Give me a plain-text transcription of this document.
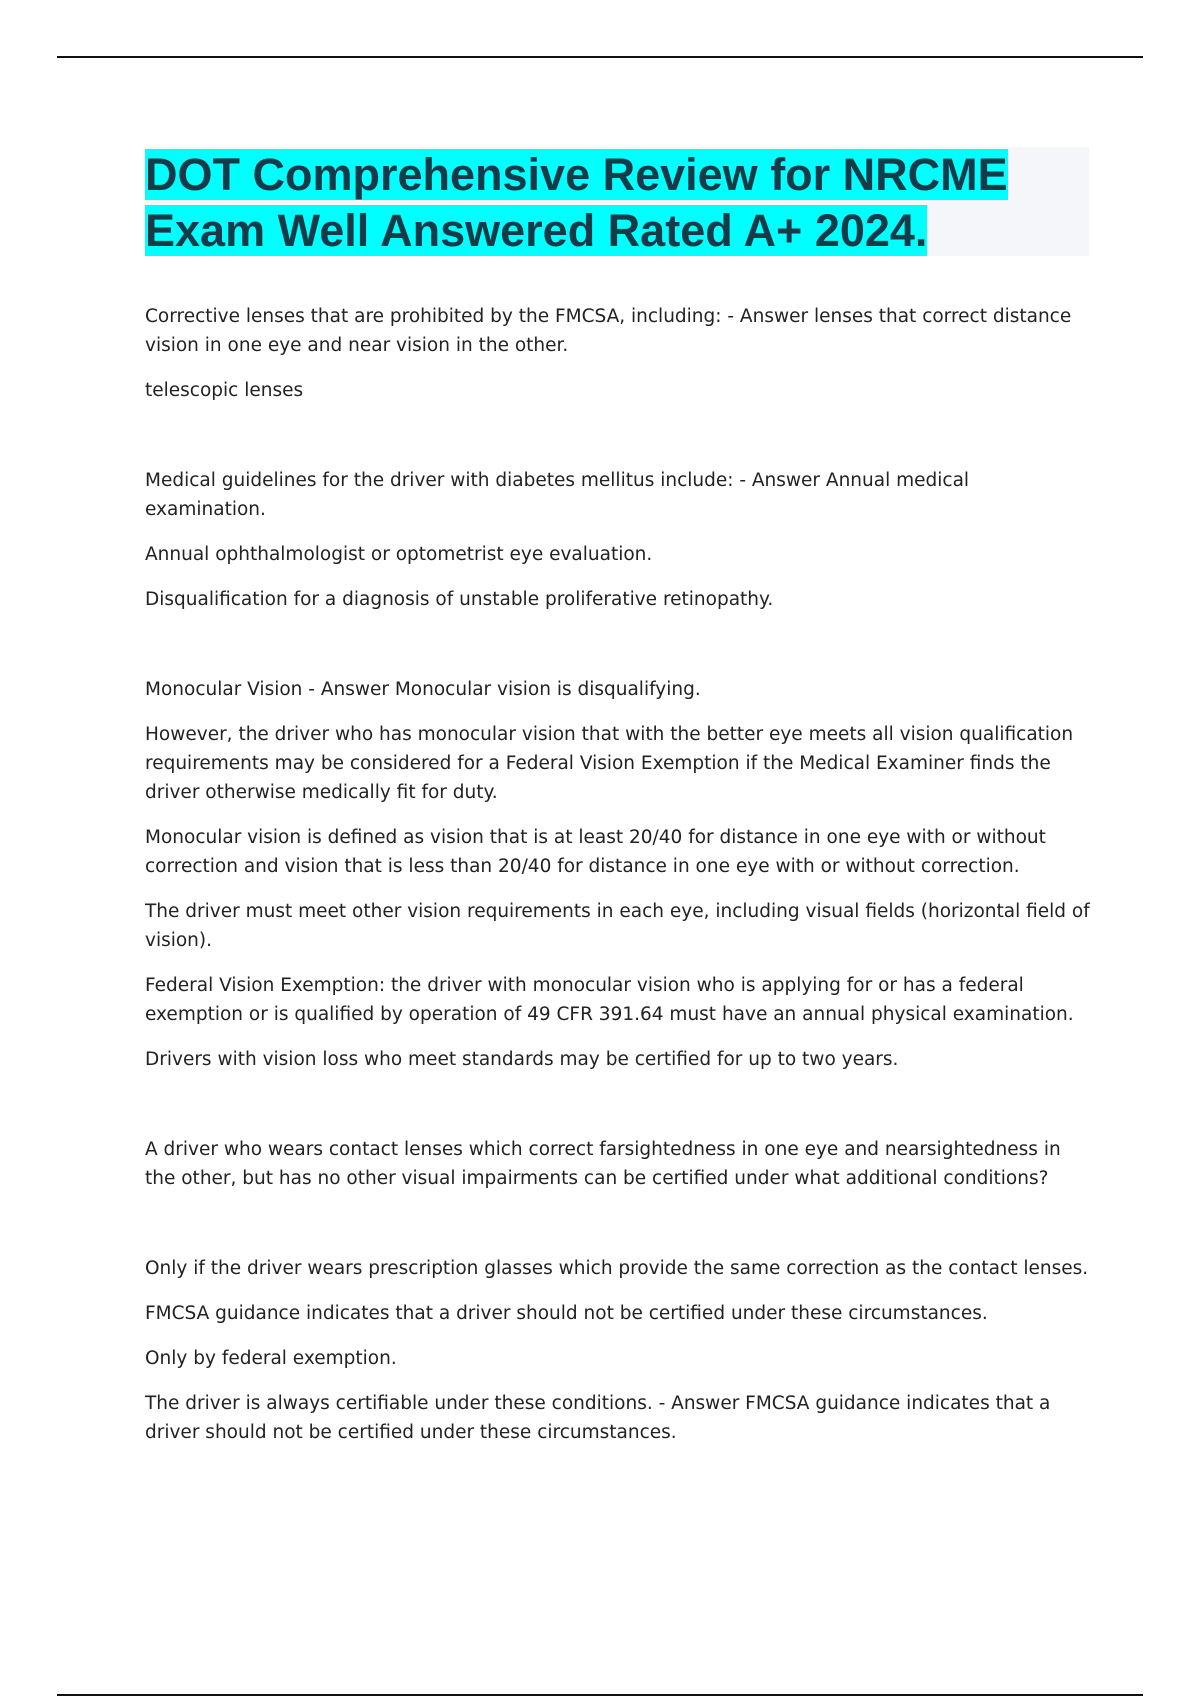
DOT Comprehensive Review for NRCME
Exam Well Answered Rated A+ 2024.

Corrective lenses that are prohibited by the FMCSA, including: - Answer lenses that correct distance vision in one eye and near vision in the other.

telescopic lenses

Medical guidelines for the driver with diabetes mellitus include: - Answer Annual medical examination.

Annual ophthalmologist or optometrist eye evaluation.

Disqualification for a diagnosis of unstable proliferative retinopathy.

Monocular Vision - Answer Monocular vision is disqualifying.

However, the driver who has monocular vision that with the better eye meets all vision qualification requirements may be considered for a Federal Vision Exemption if the Medical Examiner finds the driver otherwise medically fit for duty.

Monocular vision is defined as vision that is at least 20/40 for distance in one eye with or without correction and vision that is less than 20/40 for distance in one eye with or without correction.

The driver must meet other vision requirements in each eye, including visual fields (horizontal field of vision).

Federal Vision Exemption: the driver with monocular vision who is applying for or has a federal exemption or is qualified by operation of 49 CFR 391.64 must have an annual physical examination.

Drivers with vision loss who meet standards may be certified for up to two years.

A driver who wears contact lenses which correct farsightedness in one eye and nearsightedness in the other, but has no other visual impairments can be certified under what additional conditions?

Only if the driver wears prescription glasses which provide the same correction as the contact lenses.

FMCSA guidance indicates that a driver should not be certified under these circumstances.

Only by federal exemption.

The driver is always certifiable under these conditions. - Answer FMCSA guidance indicates that a driver should not be certified under these circumstances.
